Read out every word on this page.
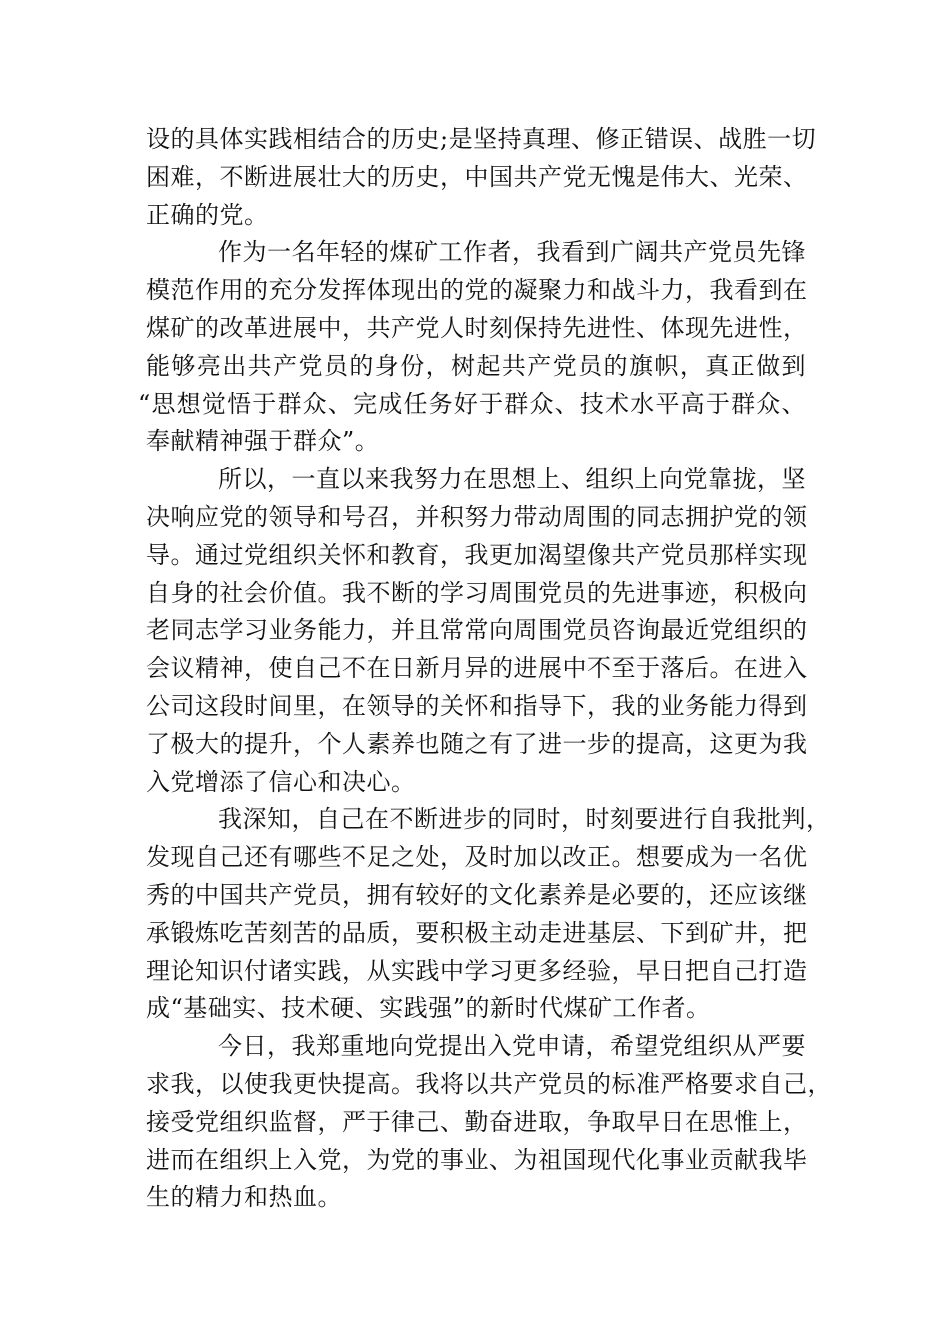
设的具体实践相结合的历史;是坚持真理、修正错误、战胜一切
困难，不断进展壮大的历史，中国共产党无愧是伟大、光荣、
正确的党。
作为一名年轻的煤矿工作者，我看到广阔共产党员先锋
模范作用的充分发挥体现出的党的凝聚力和战斗力，我看到在
煤矿的改革进展中，共产党人时刻保持先进性、体现先进性，
能够亮出共产党员的身份，树起共产党员的旗帜，真正做到
“思想觉悟于群众、完成任务好于群众、技术水平高于群众、
奉献精神强于群众”。
所以，一直以来我努力在思想上、组织上向党靠拢，坚
决响应党的领导和号召，并积努力带动周围的同志拥护党的领
导。通过党组织关怀和教育，我更加渴望像共产党员那样实现
自身的社会价值。我不断的学习周围党员的先进事迹，积极向
老同志学习业务能力，并且常常向周围党员咨询最近党组织的
会议精神，使自己不在日新月异的进展中不至于落后。在进入
公司这段时间里，在领导的关怀和指导下，我的业务能力得到
了极大的提升，个人素养也随之有了进一步的提高，这更为我
入党增添了信心和决心。
我深知，自己在不断进步的同时，时刻要进行自我批判，
发现自己还有哪些不足之处，及时加以改正。想要成为一名优
秀的中国共产党员，拥有较好的文化素养是必要的，还应该继
承锻炼吃苦刻苦的品质，要积极主动走进基层、下到矿井，把
理论知识付诸实践，从实践中学习更多经验，早日把自己打造
成“基础实、技术硬、实践强”的新时代煤矿工作者。
今日，我郑重地向党提出入党申请，希望党组织从严要
求我，以使我更快提高。我将以共产党员的标准严格要求自己，
接受党组织监督，严于律己、勤奋进取，争取早日在思惟上，
进而在组织上入党，为党的事业、为祖国现代化事业贡献我毕
生的精力和热血。
